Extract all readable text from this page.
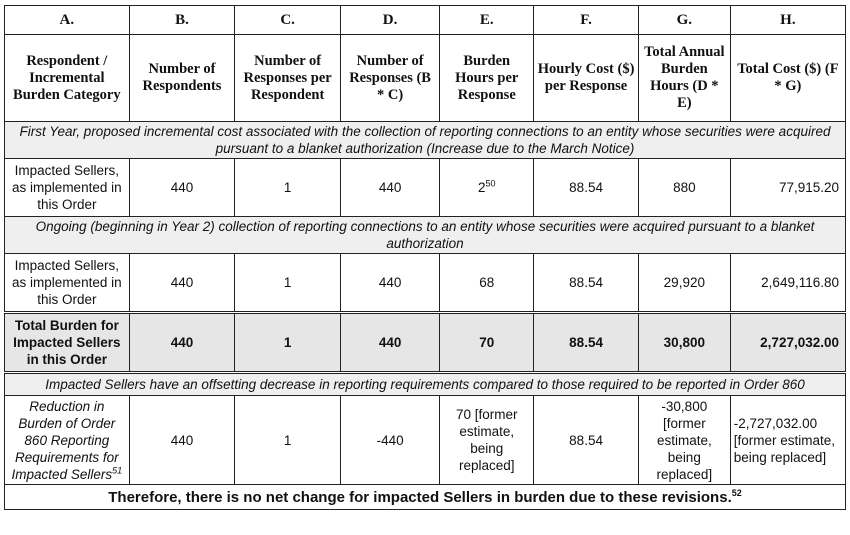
A.	B.	C.	D.	E.	F.	G.	H.
Respondent / Incremental Burden Category	Number of Respondents	Number of Responses per Respondent	Number of Responses (B * C)	Burden Hours per Response	Hourly Cost ($) per Response	Total Annual Burden Hours (D * E)	Total Cost ($) (F * G)
First Year, proposed incremental cost associated with the collection of reporting connections to an entity whose securities were acquired pursuant to a blanket authorization (Increase due to the March Notice)							
Impacted Sellers, as implemented in this Order	440	1	440	$2^{50}$	88.54	880	77,915.20
Ongoing (beginning in Year 2) collection of reporting connections to an entity whose securities were acquired pursuant to a blanket authorization							
Impacted Sellers, as implemented in this Order	440	1	440	68	88.54	29,920	2,649,116.80
Total Burden for Impacted Sellers in this Order	440	1	440	70	88.54	30,800	2,727,032.00
Impacted Sellers have an offsetting decrease in reporting requirements compared to those required to be reported in Order 860							
Reduction in Burden of Order 860 Reporting Requirements for Impacted Sellers$^{51}$	440	1	-440	70 [former estimate, being replaced]	88.54	-30,800 [former estimate, being replaced]	-2,727,032.00 [former estimate, being replaced]
Therefore, there is no net change for impacted Sellers in burden due to these revisions.$^{52}$
